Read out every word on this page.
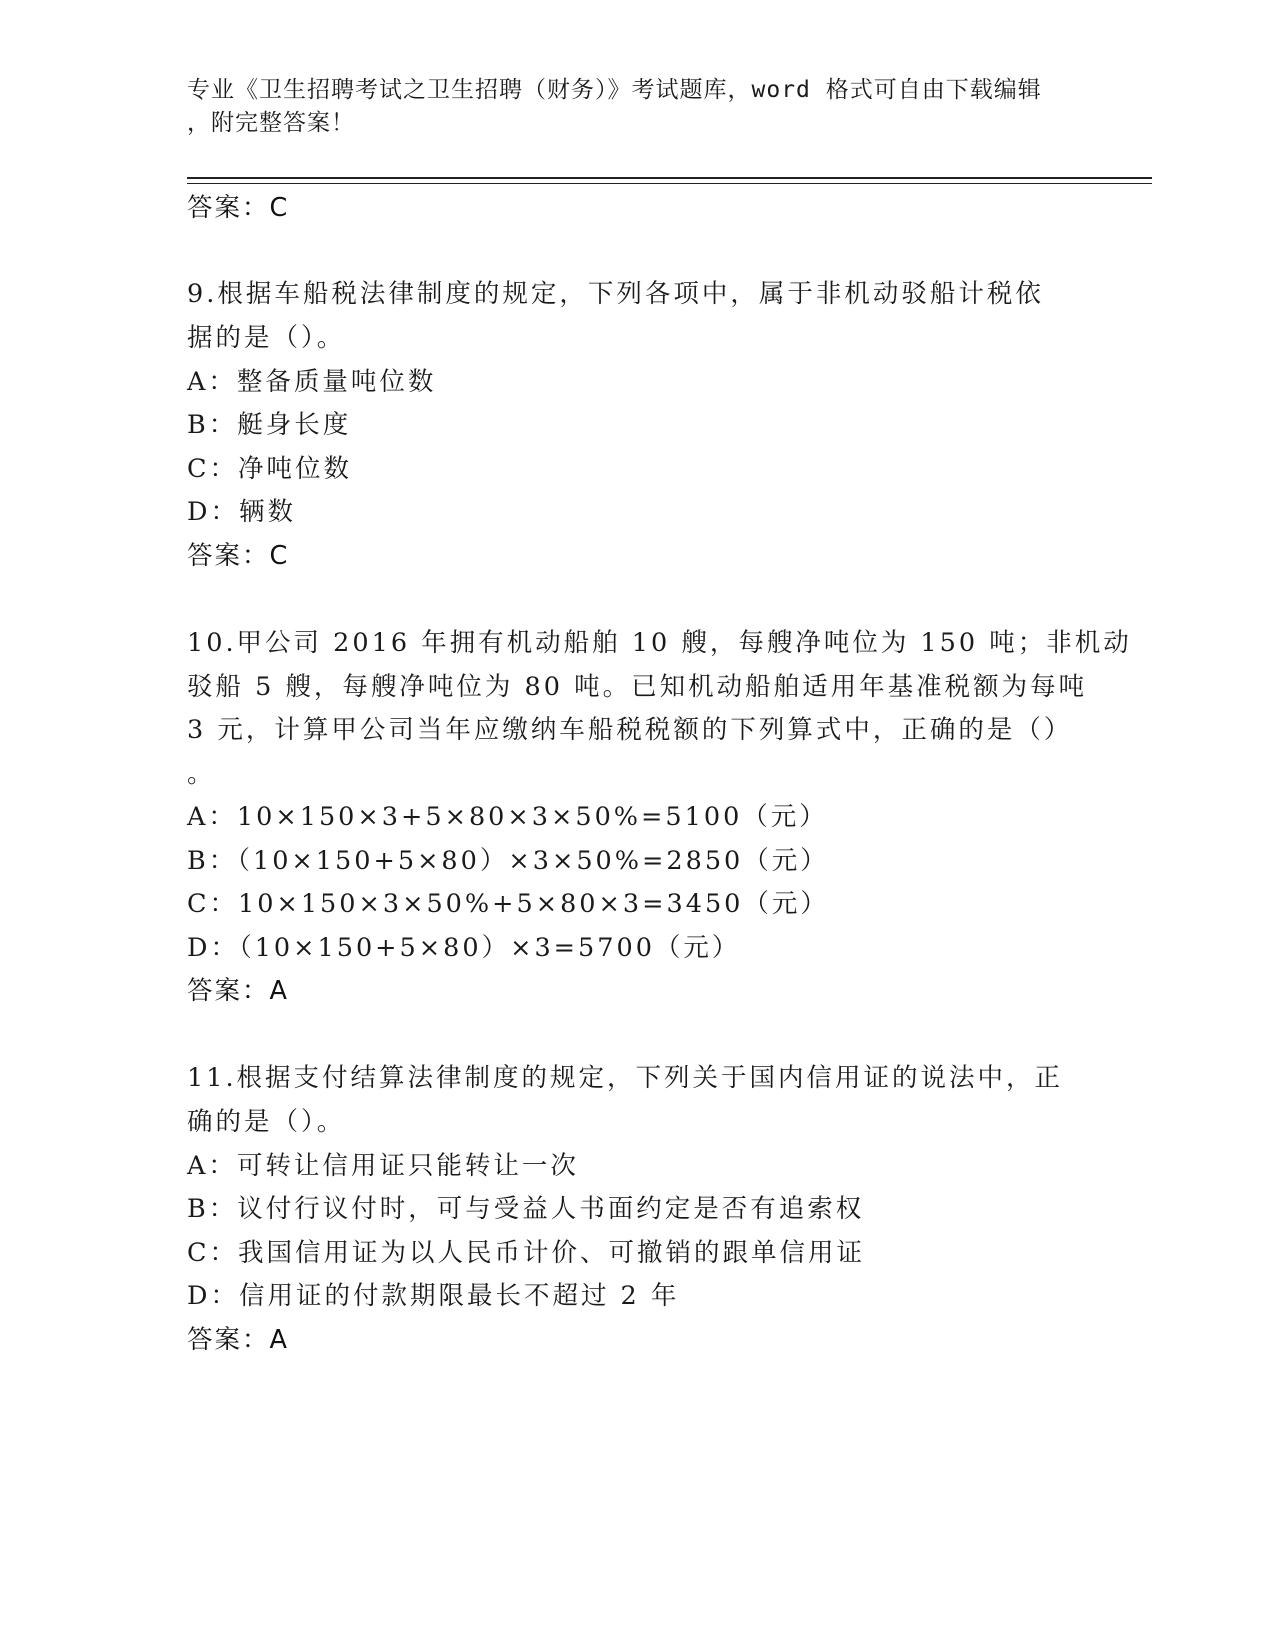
专业《卫生招聘考试之卫生招聘（财务）》考试题库，word 格式可自由下载编辑
，附完整答案！
答案：C
9.根据车船税法律制度的规定，下列各项中，属于非机动驳船计税依
据的是（）。
A：整备质量吨位数
B：艇身长度
C：净吨位数
D：辆数
答案：C
10.甲公司 2016 年拥有机动船舶 10 艘，每艘净吨位为 150 吨；非机动
驳船 5 艘，每艘净吨位为 80 吨。已知机动船舶适用年基准税额为每吨
3 元，计算甲公司当年应缴纳车船税税额的下列算式中，正确的是（）
。
A：10×150×3+5×80×3×50%=5100（元）
B：（10×150+5×80）×3×50%=2850（元）
C：10×150×3×50%+5×80×3=3450（元）
D：（10×150+5×80）×3=5700（元）
答案：A
11.根据支付结算法律制度的规定，下列关于国内信用证的说法中，正
确的是（）。
A：可转让信用证只能转让一次
B：议付行议付时，可与受益人书面约定是否有追索权
C：我国信用证为以人民币计价、可撤销的跟单信用证
D：信用证的付款期限最长不超过 2 年
答案：A
